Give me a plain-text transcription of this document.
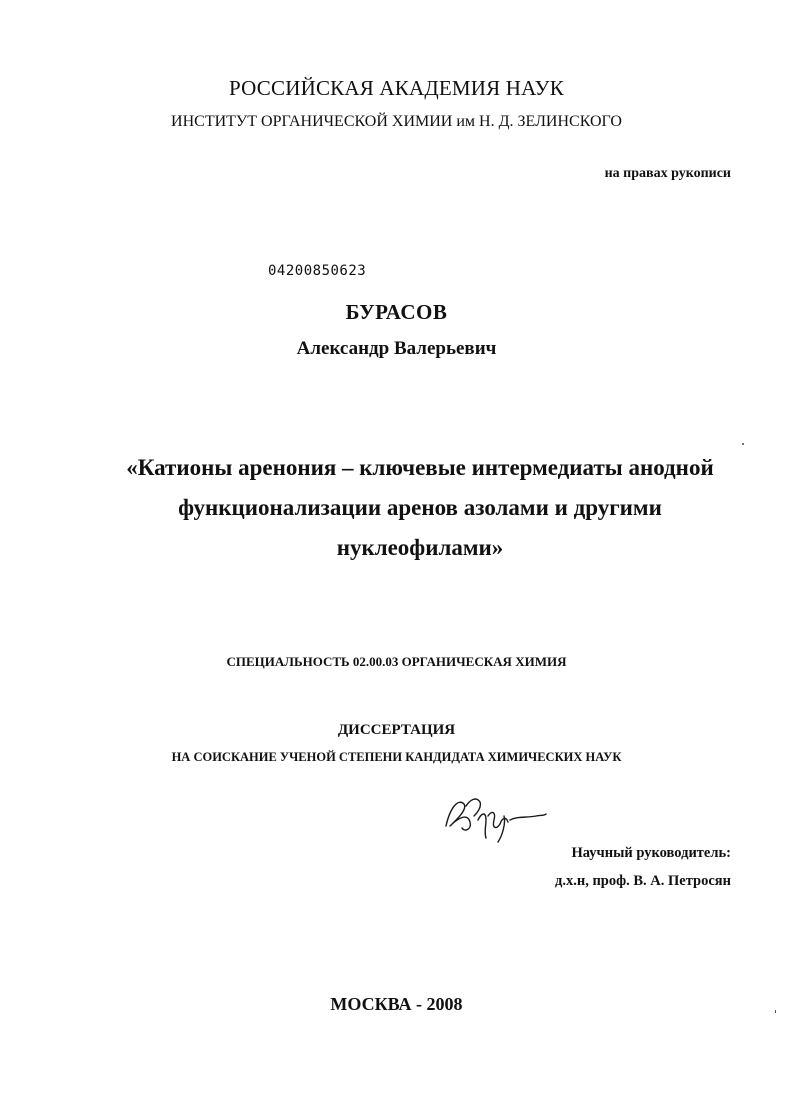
РОССИЙСКАЯ АКАДЕМИЯ НАУК
ИНСТИТУТ ОРГАНИЧЕСКОЙ ХИМИИ им Н. Д. ЗЕЛИНСКОГО
на правах рукописи
04200850623
БУРАСОВ
Александр Валерьевич
«Катионы аренония – ключевые интермедиаты анодной
функционализации аренов азолами и другими
нуклеофилами»
СПЕЦИАЛЬНОСТЬ 02.00.03 ОРГАНИЧЕСКАЯ ХИМИЯ
ДИССЕРТАЦИЯ
НА СОИСКАНИЕ УЧЕНОЙ СТЕПЕНИ КАНДИДАТА ХИМИЧЕСКИХ НАУК
Научный руководитель:
д.х.н, проф. В. А. Петросян
МОСКВА - 2008
